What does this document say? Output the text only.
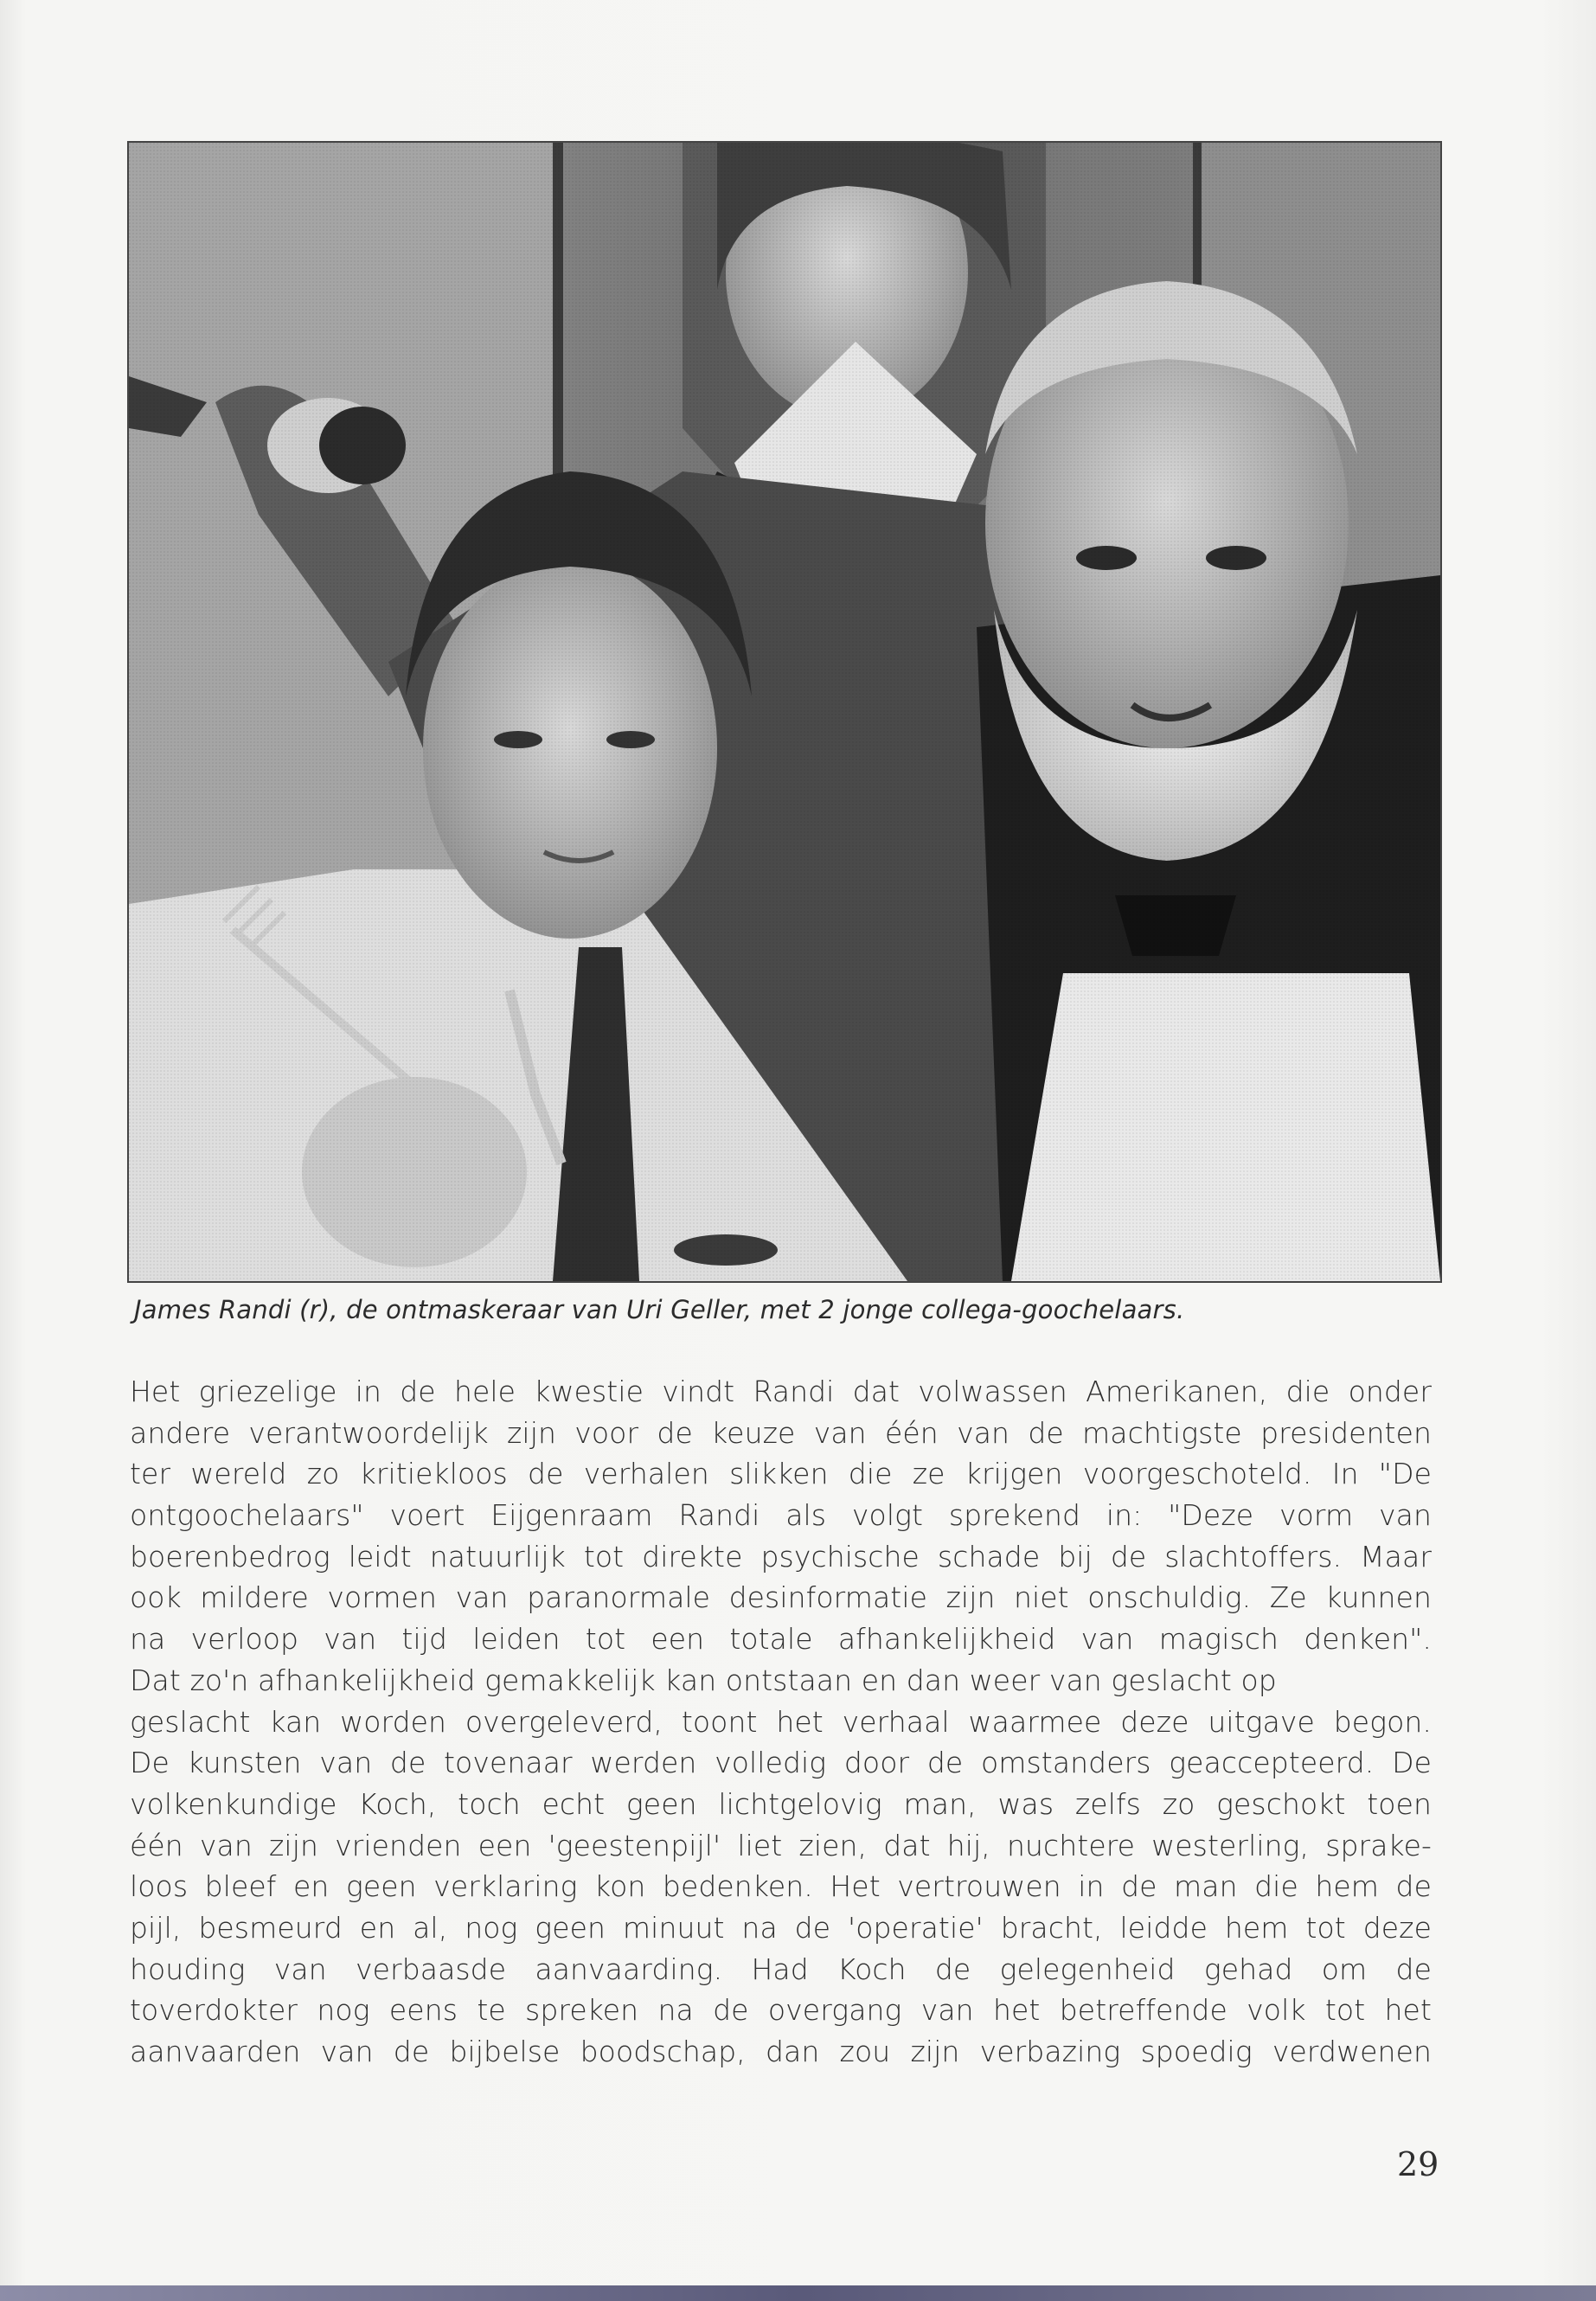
James Randi (r), de ontmaskeraar van Uri Geller, met 2 jonge collega-goochelaars.
Het griezelige in de hele kwestie vindt Randi dat volwassen Amerikanen, die onder
andere verantwoordelijk zijn voor de keuze van één van de machtigste presidenten
ter wereld zo kritiekloos de verhalen slikken die ze krijgen voorgeschoteld. In "De
ontgoochelaars" voert Eijgenraam Randi als volgt sprekend in: "Deze vorm van
boerenbedrog leidt natuurlijk tot direkte psychische schade bij de slachtoffers. Maar
ook mildere vormen van paranormale desinformatie zijn niet onschuldig. Ze kunnen
na verloop van tijd leiden tot een totale afhankelijkheid van magisch denken".
Dat zo'n afhankelijkheid gemakkelijk kan ontstaan en dan weer van geslacht op
geslacht kan worden overgeleverd, toont het verhaal waarmee deze uitgave begon.
De kunsten van de tovenaar werden volledig door de omstanders geaccepteerd. De
volkenkundige Koch, toch echt geen lichtgelovig man, was zelfs zo geschokt toen
één van zijn vrienden een 'geestenpijl' liet zien, dat hij, nuchtere westerling, sprake-
loos bleef en geen verklaring kon bedenken. Het vertrouwen in de man die hem de
pijl, besmeurd en al, nog geen minuut na de 'operatie' bracht, leidde hem tot deze
houding van verbaasde aanvaarding. Had Koch de gelegenheid gehad om de
toverdokter nog eens te spreken na de overgang van het betreffende volk tot het
aanvaarden van de bijbelse boodschap, dan zou zijn verbazing spoedig verdwenen
29
